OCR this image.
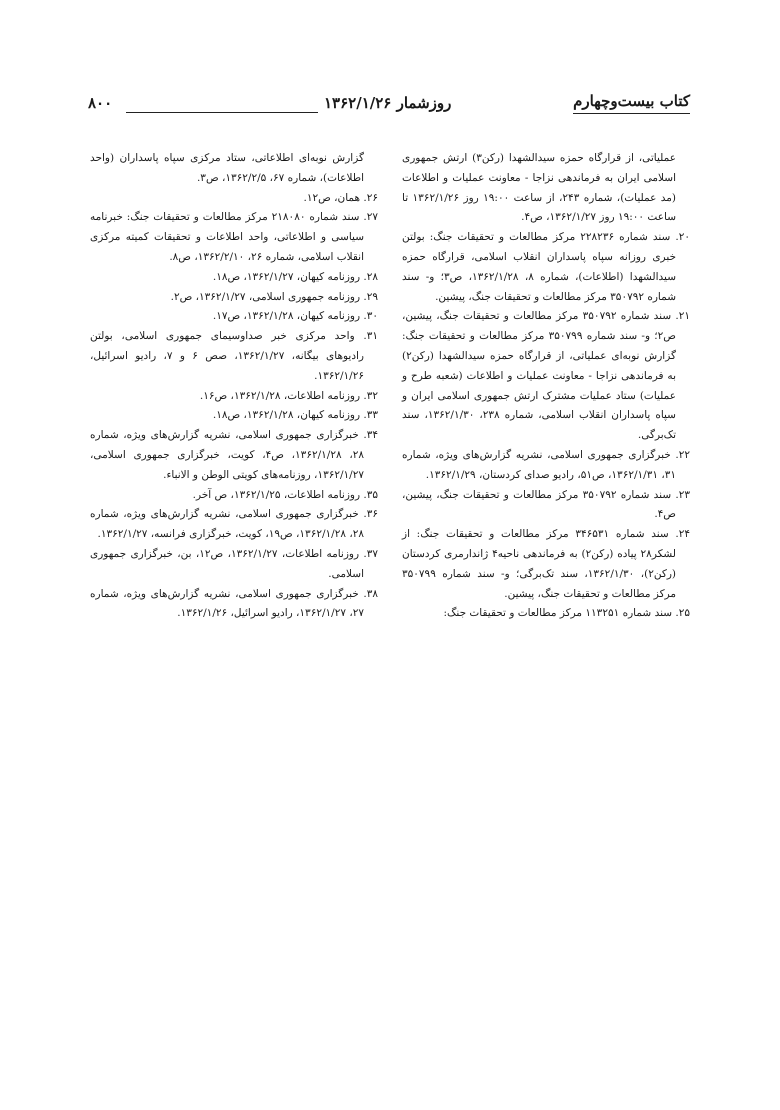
۸۰۰	روزشمار ۱۳۶۲/۱/۲۶	کتاب بیست‌وچهارم

عملیاتی، از قرارگاه حمزه سیدالشهدا (رکن۳) ارتش جمهوری اسلامی ایران به فرماندهی نزاجا - معاونت عملیات و اطلاعات (مد عملیات)، شماره ۲۴۳، از ساعت ۱۹:۰۰ روز ۱۳۶۲/۱/۲۶ تا ساعت ۱۹:۰۰ روز ۱۳۶۲/۱/۲۷، ص۴.

۲۰. سند شماره ۲۲۸۲۳۶ مرکز مطالعات و تحقیقات جنگ: بولتن خبری روزانه سپاه پاسداران انقلاب اسلامی، قرارگاه حمزه سیدالشهدا (اطلاعات)، شماره ۸، ۱۳۶۲/۱/۲۸، ص۳؛ و- سند شماره ۳۵۰۷۹۲ مرکز مطالعات و تحقیقات جنگ، پیشین.

۲۱. سند شماره ۳۵۰۷۹۲ مرکز مطالعات و تحقیقات جنگ، پیشین، ص۲؛ و- سند شماره ۳۵۰۷۹۹ مرکز مطالعات و تحقیقات جنگ: گزارش نوبه‌ای عملیاتی، از قرارگاه حمزه سیدالشهدا (رکن۲) به فرماندهی نزاجا - معاونت عملیات و اطلاعات (شعبه طرح و عملیات) ستاد عملیات مشترک ارتش جمهوری اسلامی ایران و سپاه پاسداران انقلاب اسلامی، شماره ۲۳۸، ۱۳۶۲/۱/۳۰، سند تک‌برگی.

۲۲. خبرگزاری جمهوری اسلامی، نشریه گزارش‌های ویژه، شماره ۳۱، ۱۳۶۲/۱/۳۱، ص۵۱، رادیو صدای کردستان، ۱۳۶۲/۱/۲۹.

۲۳. سند شماره ۳۵۰۷۹۲ مرکز مطالعات و تحقیقات جنگ، پیشین، ص۴.

۲۴. سند شماره ۳۴۶۵۳۱ مرکز مطالعات و تحقیقات جنگ: از لشکر۲۸ پیاده (رکن۲) به فرماندهی ناحیه۴ ژاندارمری کردستان (رکن۲)، ۱۳۶۲/۱/۳۰، سند تک‌برگی؛ و- سند شماره ۳۵۰۷۹۹ مرکز مطالعات و تحقیقات جنگ، پیشین.

۲۵. سند شماره ۱۱۳۲۵۱ مرکز مطالعات و تحقیقات جنگ:

گزارش نوبه‌ای اطلاعاتی، ستاد مرکزی سپاه پاسداران (واحد اطلاعات)، شماره ۶۷، ۱۳۶۲/۲/۵، ص۳.

۲۶. همان، ص۱۲.

۲۷. سند شماره ۲۱۸۰۸۰ مرکز مطالعات و تحقیقات جنگ: خبرنامه سیاسی و اطلاعاتی، واحد اطلاعات و تحقیقات کمیته مرکزی انقلاب اسلامی، شماره ۲۶، ۱۳۶۲/۲/۱۰، ص۸.

۲۸. روزنامه کیهان، ۱۳۶۲/۱/۲۷، ص۱۸.

۲۹. روزنامه جمهوری اسلامی، ۱۳۶۲/۱/۲۷، ص۲.

۳۰. روزنامه کیهان، ۱۳۶۲/۱/۲۸، ص۱۷.

۳۱. واحد مرکزی خبر صداوسیمای جمهوری اسلامی، بولتن رادیوهای بیگانه، ۱۳۶۲/۱/۲۷، صص ۶ و ۷، رادیو اسرائیل، ۱۳۶۲/۱/۲۶.

۳۲. روزنامه اطلاعات، ۱۳۶۲/۱/۲۸، ص۱۶.

۳۳. روزنامه کیهان، ۱۳۶۲/۱/۲۸، ص۱۸.

۳۴. خبرگزاری جمهوری اسلامی، نشریه گزارش‌های ویژه، شماره ۲۸، ۱۳۶۲/۱/۲۸، ص۴، کویت، خبرگزاری جمهوری اسلامی، ۱۳۶۲/۱/۲۷، روزنامه‌های کویتی الوطن و الانباء.

۳۵. روزنامه اطلاعات، ۱۳۶۲/۱/۲۵، ص آخر.

۳۶. خبرگزاری جمهوری اسلامی، نشریه گزارش‌های ویژه، شماره ۲۸، ۱۳۶۲/۱/۲۸، ص۱۹، کویت، خبرگزاری فرانسه، ۱۳۶۲/۱/۲۷.

۳۷. روزنامه اطلاعات، ۱۳۶۲/۱/۲۷، ص۱۲، بن، خبرگزاری جمهوری اسلامی.

۳۸. خبرگزاری جمهوری اسلامی، نشریه گزارش‌های ویژه، شماره ۲۷، ۱۳۶۲/۱/۲۷، رادیو اسرائیل، ۱۳۶۲/۱/۲۶.
